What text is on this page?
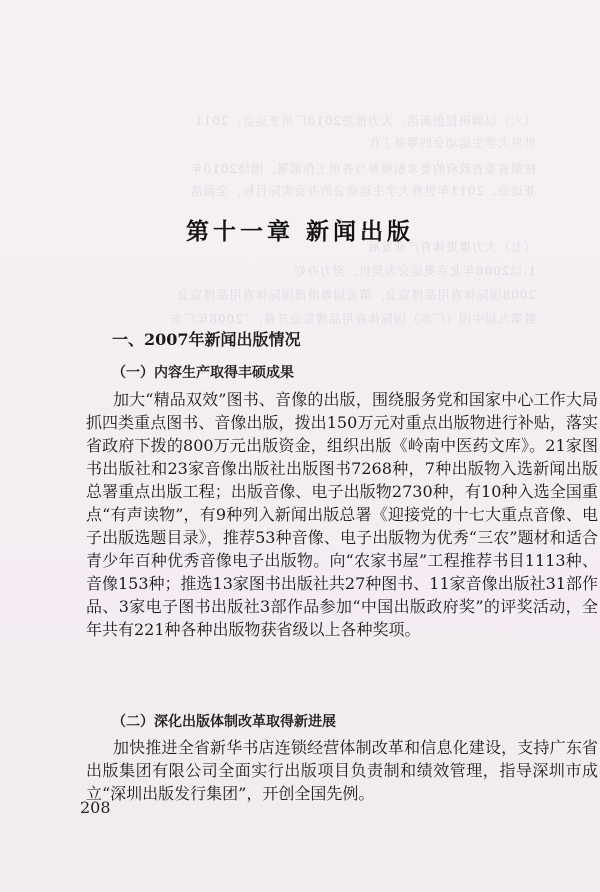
（六）以调研促创新活，大力推进2010广州亚运会，2011
世界大学生运动会的筹备工作
按照省委省政府的要求积极参与各项工作部署，围绕2010年
亚运会、2011年世界大学生运动会的办会实际目标，全面落
（七）大力推进体育产业发展
1.以2008年北京奥运会为契机，努力办好
2008国际体育用品博览会，第五届粤港澳国际体育用品博览会
暨第九届中国（广东）国际体育用品博览会开幕，“2008年广东
第十一章 新闻出版
一、2007年新闻出版情况
（一）内容生产取得丰硕成果

加大“精品双效”图书、音像的出版，围绕服务党和国家中心工作大局抓四类重点图书、音像出版，拨出150万元对重点出版物进行补贴，落实省政府下拨的800万元出版资金，组织出版《岭南中医药文库》。21家图书出版社和23家音像出版社出版图书7268种，7种出版物入选新闻出版总署重点出版工程；出版音像、电子出版物2730种，有10种入选全国重点“有声读物”，有9种列入新闻出版总署《迎接党的十七大重点音像、电子出版选题目录》，推荐53种音像、电子出版物为优秀“三农”题材和适合青少年百种优秀音像电子出版物。向“农家书屋”工程推荐书目1113种、音像153种；推选13家图书出版社共27种图书、11家音像出版社31部作品、3家电子图书出版社3部作品参加“中国出版政府奖”的评奖活动，全年共有221种各种出版物获省级以上各种奖项。

（二）深化出版体制改革取得新进展

加快推进全省新华书店连锁经营体制改革和信息化建设，支持广东省出版集团有限公司全面实行出版项目负责制和绩效管理，指导深圳市成立“深圳出版发行集团”，开创全国先例。

208
